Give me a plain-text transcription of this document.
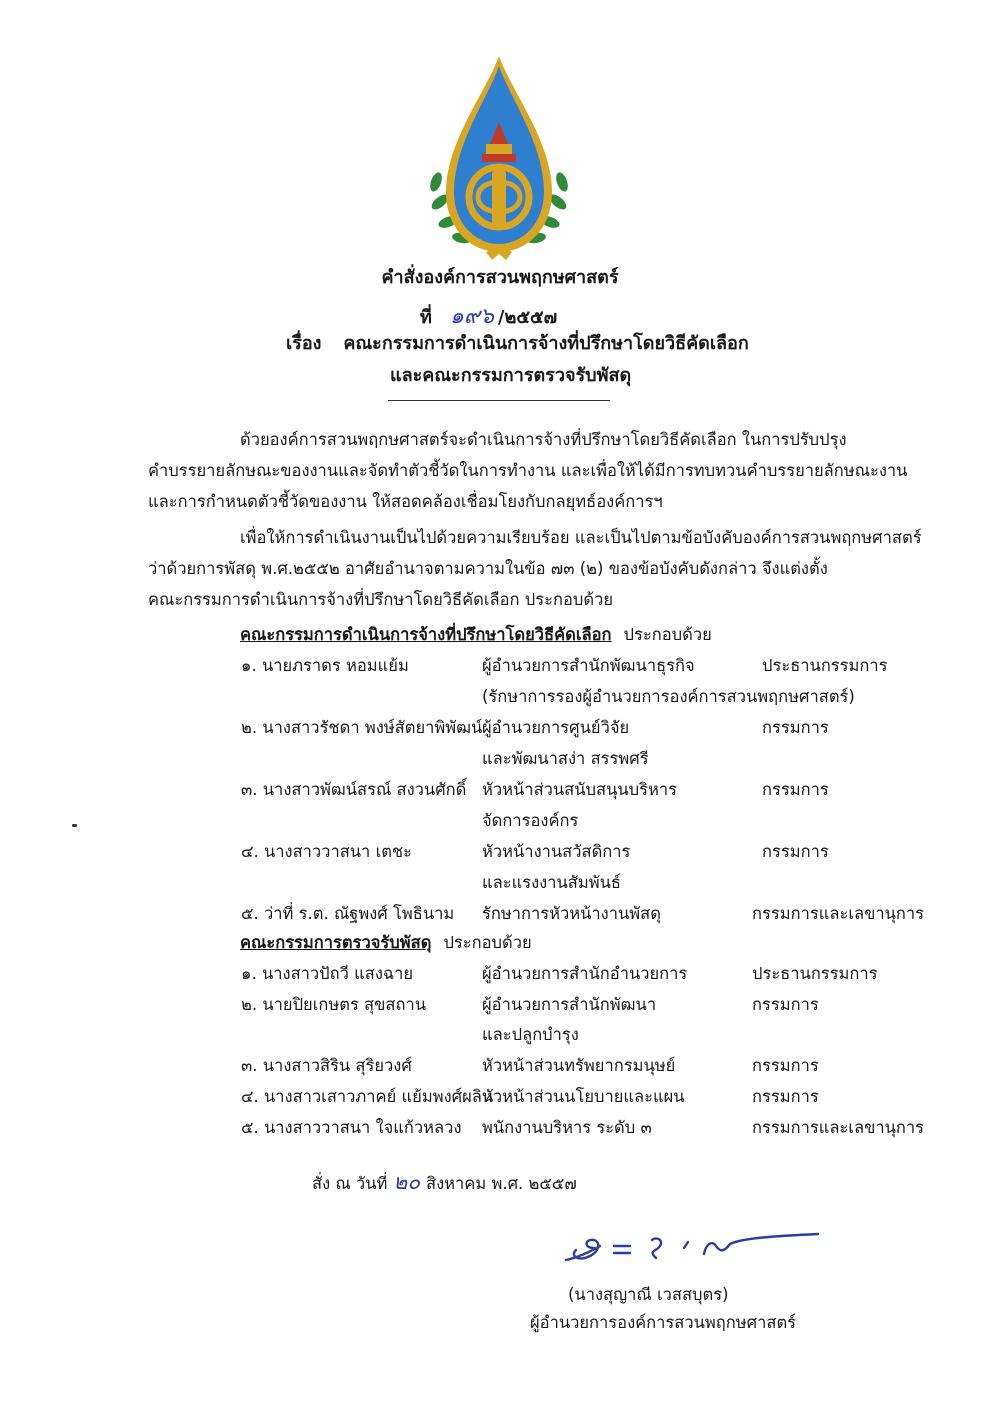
คำสั่งองค์การสวนพฤกษศาสตร์
ที่ ๑๙๖ /๒๕๕๗
เรื่อง คณะกรรมการดำเนินการจ้างที่ปรึกษาโดยวิธีคัดเลือก
และคณะกรรมการตรวจรับพัสดุ
ด้วยองค์การสวนพฤกษศาสตร์จะดำเนินการจ้างที่ปรึกษาโดยวิธีคัดเลือก ในการปรับปรุง
คำบรรยายลักษณะของงานและจัดทำตัวชี้วัดในการทำงาน และเพื่อให้ได้มีการทบทวนคำบรรยายลักษณะงาน
และการกำหนดตัวชี้วัดของงาน ให้สอดคล้องเชื่อมโยงกับกลยุทธ์องค์การฯ
เพื่อให้การดำเนินงานเป็นไปด้วยความเรียบร้อย และเป็นไปตามข้อบังคับองค์การสวนพฤกษศาสตร์
ว่าด้วยการพัสดุ พ.ศ.๒๕๕๒ อาศัยอำนาจตามความในข้อ ๗๓ (๒) ของข้อบังคับดังกล่าว จึงแต่งตั้ง
คณะกรรมการดำเนินการจ้างที่ปรึกษาโดยวิธีคัดเลือก ประกอบด้วย
คณะกรรมการดำเนินการจ้างที่ปรึกษาโดยวิธีคัดเลือก ประกอบด้วย
๑. นายภราดร หอมแย้ม	ผู้อำนวยการสำนักพัฒนาธุรกิจ	ประธานกรรมการ
(รักษาการรองผู้อำนวยการองค์การสวนพฤกษศาสตร์)
๒. นางสาวรัชดา พงษ์สัตยาพิพัฒน์ ผู้อำนวยการศูนย์วิจัย	กรรมการ
และพัฒนาสง่า สรรพศรี
๓. นางสาวพัฒน์สรณ์ สงวนศักดิ์ หัวหน้าส่วนสนับสนุนบริหาร	กรรมการ
จัดการองค์กร
๔. นางสาววาสนา เตชะ	หัวหน้างานสวัสดิการ	กรรมการ
และแรงงานสัมพันธ์
๕. ว่าที่ ร.ต. ณัฐพงศ์ โพธินาม รักษาการหัวหน้างานพัสดุ	กรรมการและเลขานุการ
คณะกรรมการตรวจรับพัสดุ ประกอบด้วย
๑. นางสาวปัถวี แสงฉาย	ผู้อำนวยการสำนักอำนวยการ	ประธานกรรมการ
๒. นายปิยเกษตร สุขสถาน	ผู้อำนวยการสำนักพัฒนา	กรรมการ
และปลูกบำรุง
๓. นางสาวสิริน สุริยวงศ์	หัวหน้าส่วนทรัพยากรมนุษย์	กรรมการ
๔. นางสาวเสาวภาคย์ แย้มพงศ์ผลิน
หัวหน้าส่วนนโยบายและแผน	กรรมการ
๕. นางสาววาสนา ใจแก้วหลวง พนักงานบริหาร ระดับ ๓	กรรมการและเลขานุการ
สั่ง ณ วันที่ ๒๐ สิงหาคม พ.ศ. ๒๕๕๗
(นางสุญาณี เวสสบุตร)
ผู้อำนวยการองค์การสวนพฤกษศาสตร์
